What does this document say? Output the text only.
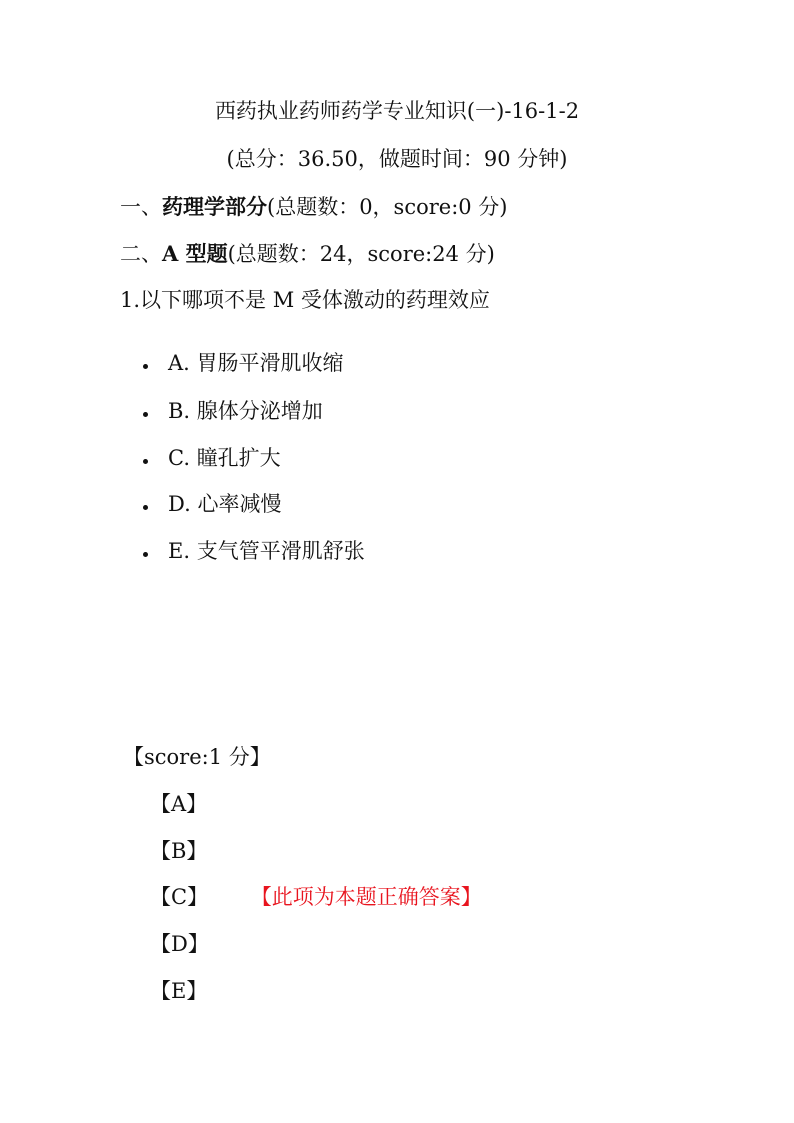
西药执业药师药学专业知识(一)-16-1-2
(总分：36.50，做题时间：90 分钟)
一、药理学部分(总题数：0，score:0 分)
二、A 型题(总题数：24，score:24 分)
1.以下哪项不是 M 受体激动的药理效应
A. 胃肠平滑肌收缩
B. 腺体分泌增加
C. 瞳孔扩大
D. 心率减慢
E. 支气管平滑肌舒张
【score:1 分】
【A】
【B】
【C】 【此项为本题正确答案】
【D】
【E】
